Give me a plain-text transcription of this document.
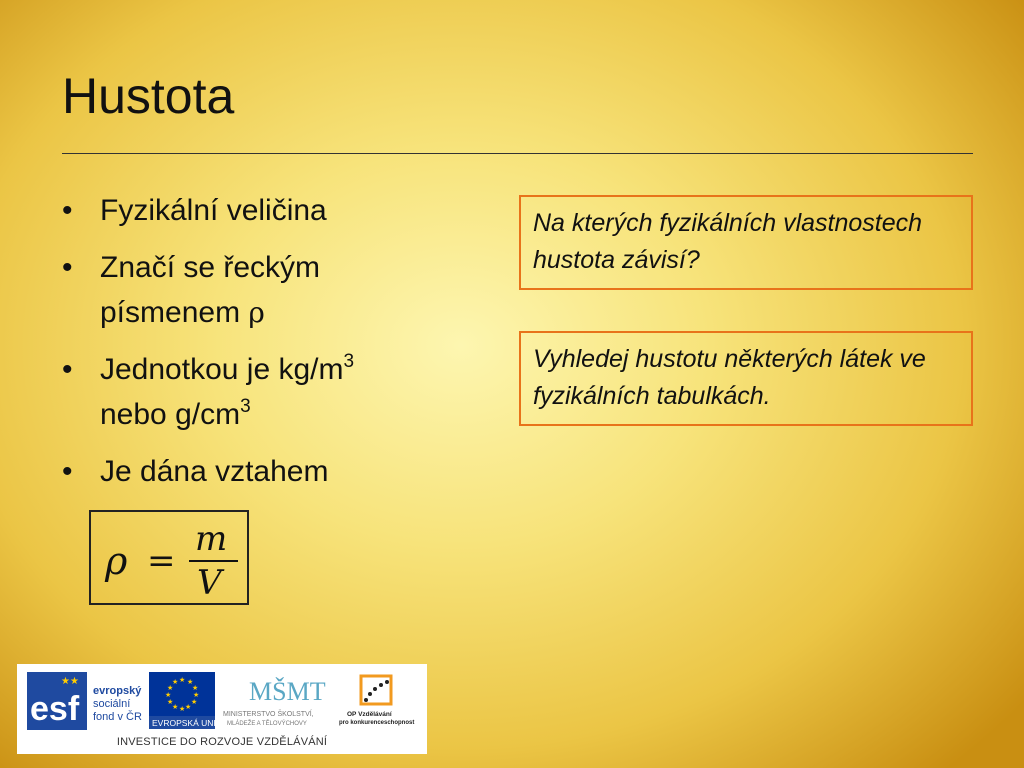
Hustota
• Fyzikální veličina
• Značí se řeckým písmenem ρ
• Jednotkou je $kg/m^3$
nebo $g/cm^3$
• Je dána vztahem
ρ =
m
V
Na kterých fyzikálních vlastnostech hustota závisí?
Vyhledej hustotu některých látek ve fyzikálních tabulkách.
esf
★★
evropský
sociální
fond v ČR
★ ★
★
★
★
★
★
★
★
★
★
★
EVROPSKÁ UNIE
MŠMT
MINISTERSTVO ŠKOLSTVÍ,
MLÁDEŽE A TĚLOVÝCHOVY
OP Vzdělávání
pro konkurenceschopnost
INVESTICE DO ROZVOJE VZDĚLÁVÁNÍ
